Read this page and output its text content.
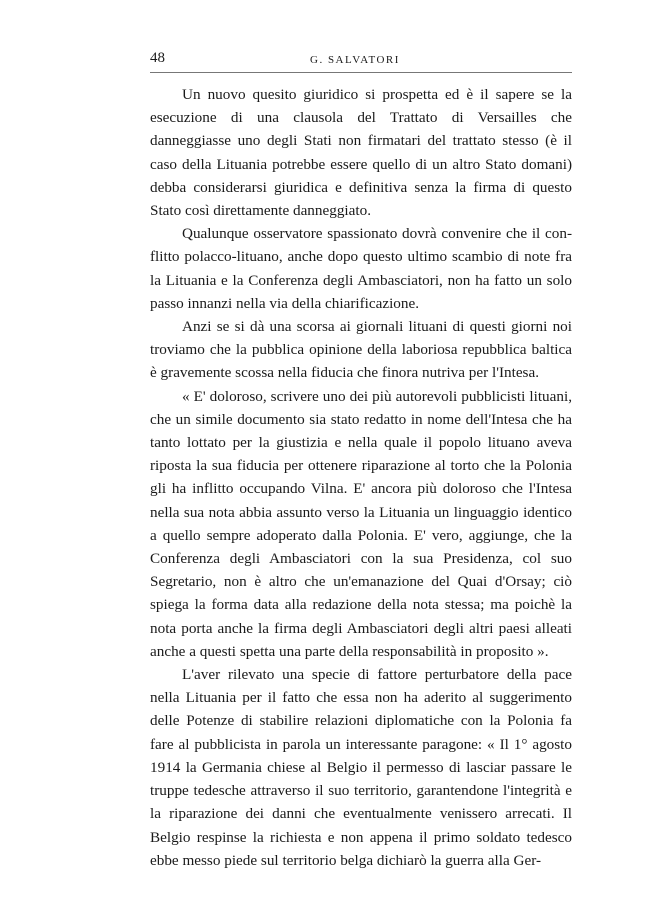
48	G. SALVATORI

Un nuovo quesito giuridico si prospetta ed è il sapere se la esecuzione di una clausola del Trattato di Versailles che danneggiasse uno degli Stati non firmatari del trattato stesso (è il caso della Lituania potrebbe essere quello di un altro Stato domani) debba considerarsi giuridica e definitiva senza la firma di questo Stato così direttamente danneggiato.

Qualunque osservatore spassionato dovrà convenire che il conflitto polacco-lituano, anche dopo questo ultimo scambio di note fra la Lituania e la Conferenza degli Ambasciatori, non ha fatto un solo passo innanzi nella via della chiarificazione.

Anzi se si dà una scorsa ai giornali lituani di questi giorni noi troviamo che la pubblica opinione della laboriosa repubblica baltica è gravemente scossa nella fiducia che finora nutriva per l'Intesa.

« E' doloroso, scrivere uno dei più autorevoli pubblicisti lituani, che un simile documento sia stato redatto in nome dell'Intesa che ha tanto lottato per la giustizia e nella quale il popolo lituano aveva riposta la sua fiducia per ottenere riparazione al torto che la Polonia gli ha inflitto occupando Vilna. E' ancora più doloroso che l'Intesa nella sua nota abbia assunto verso la Lituania un linguaggio identico a quello sempre adoperato dalla Polonia. E' vero, aggiunge, che la Conferenza degli Ambasciatori con la sua Presidenza, col suo Segretario, non è altro che un'emanazione del Quai d'Orsay; ciò spiega la forma data alla redazione della nota stessa; ma poichè la nota porta anche la firma degli Ambasciatori degli altri paesi alleati anche a questi spetta una parte della responsabilità in proposito ».

L'aver rilevato una specie di fattore perturbatore della pace nella Lituania per il fatto che essa non ha aderito al suggerimento delle Potenze di stabilire relazioni diplomatiche con la Polonia fa fare al pubblicista in parola un interessante paragone: « Il 1° agosto 1914 la Germania chiese al Belgio il permesso di lasciar passare le truppe tedesche attraverso il suo territorio, garantendone l'integrità e la riparazione dei danni che eventualmente venissero arrecati. Il Belgio respinse la richiesta e non appena il primo soldato tedesco ebbe messo piede sul territorio belga dichiarò la guerra alla Ger-
